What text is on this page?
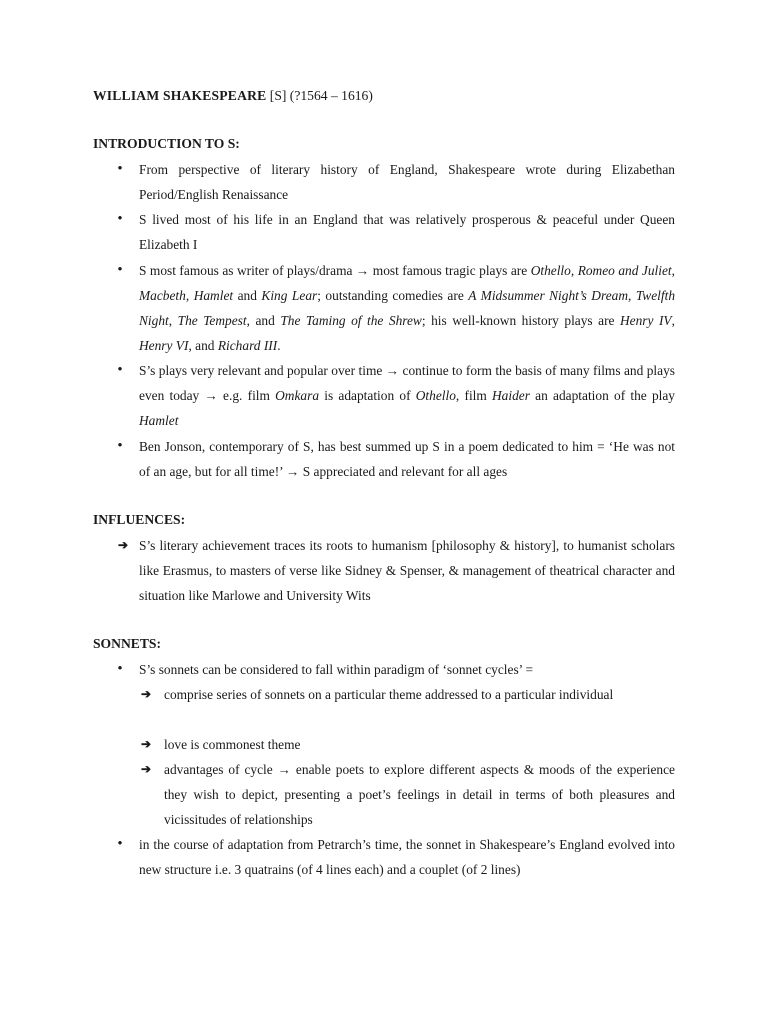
WILLIAM SHAKESPEARE [S] (?1564 – 1616)
INTRODUCTION TO S:
INFLUENCES:
SONNETS:
•	From perspective of literary history of England, Shakespeare wrote during Elizabethan Period/English Renaissance

•	S lived most of his life in an England that was relatively prosperous & peaceful under Queen Elizabeth I

•	S most famous as writer of plays/drama → most famous tragic plays are Othello, Romeo and Juliet, Macbeth, Hamlet and King Lear; outstanding comedies are A Midsummer Night’s Dream, Twelfth Night, The Tempest, and The Taming of the Shrew; his well-known history plays are Henry IV, Henry VI, and Richard III.

•	S’s plays very relevant and popular over time → continue to form the basis of many films and plays even today → e.g. film Omkara is adaptation of Othello, film Haider an adaptation of the play Hamlet

•	Ben Jonson, contemporary of S, has best summed up S in a poem dedicated to him = ‘He was not of an age, but for all time!’ → S appreciated and relevant for all ages

➔ S’s literary achievement traces its roots to humanism [philosophy & history], to humanist scholars like Erasmus, to masters of verse like Sidney & Spenser, & management of theatrical character and situation like Marlowe and University Wits

•	S’s sonnets can be considered to fall within paradigm of ‘sonnet cycles’ =

➔ comprise series of sonnets on a particular theme addressed to a particular individual

➔ love is commonest theme

➔ advantages of cycle → enable poets to explore different aspects & moods of the experience they wish to depict, presenting a poet’s feelings in detail in terms of both pleasures and vicissitudes of relationships

•	in the course of adaptation from Petrarch’s time, the sonnet in Shakespeare’s England evolved into new structure i.e. 3 quatrains (of 4 lines each) and a couplet (of 2 lines)
